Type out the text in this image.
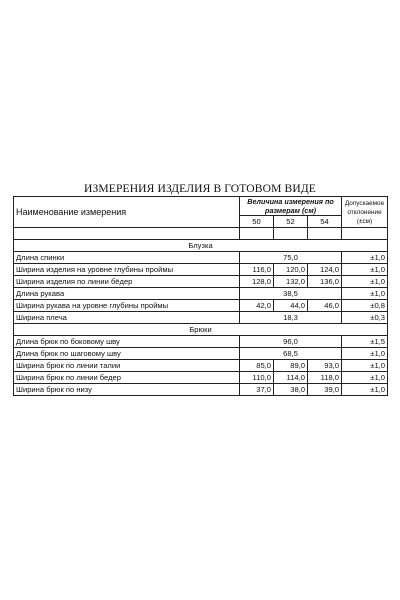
ИЗМЕРЕНИЯ ИЗДЕЛИЯ В ГОТОВОМ ВИДЕ
Наименование измерения	Величина измерения по
размерам (см)			Допускаемое
отклонение
(±см)
	50	52	54	

Блузка				
Длина спинки	75,0			±1,0
Ширина изделия на уровне глубины проймы	116,0	120,0	124,0	±1,0
Ширина изделия по линии бёдер	128,0	132,0	136,0	±1,0
Длина рукава	38,5			±1,0
Ширина рукава на уровне глубины проймы	42,0	44,0	46,0	±0,8
Ширина плеча	18,3			±0,3
Брюки				
Длина брюк по боковому шву	96,0			±1,5
Длина брюк по шаговому шву	68,5			±1,0
Ширина брюк по линии талии	85,0	89,0	93,0	±1,0
Ширина брюк по линии бедер	110,0	114,0	118,0	±1,0
Ширина брюк по низу	37,0	38,0	39,0	±1,0
